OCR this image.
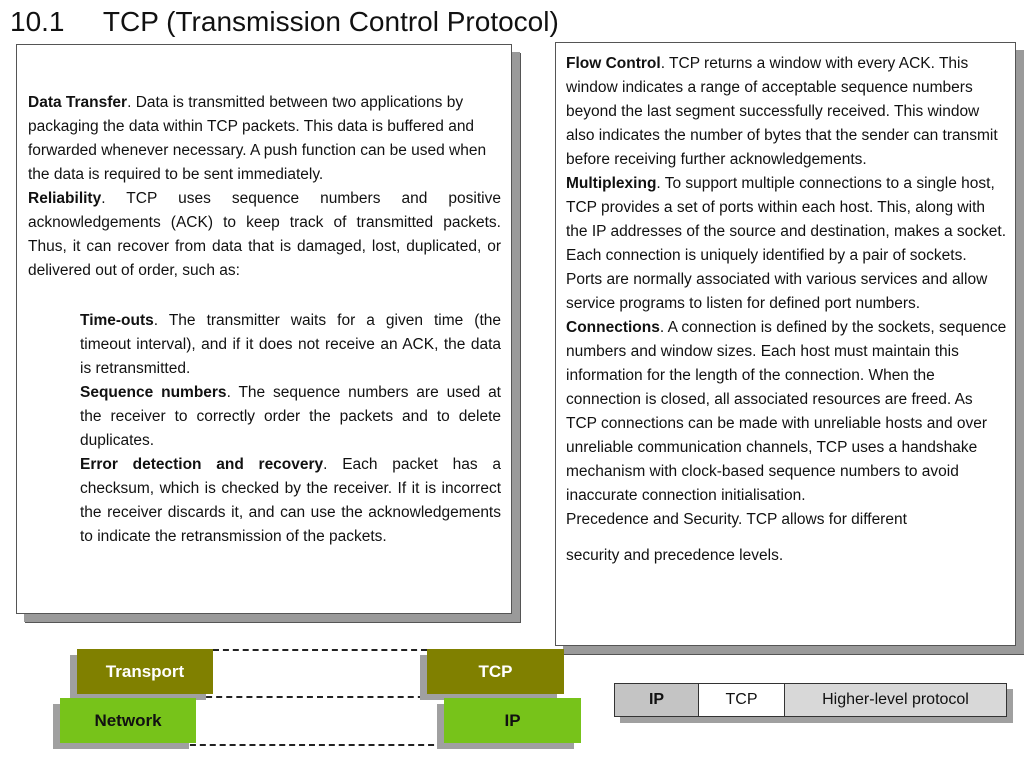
10.1 TCP (Transmission Control Protocol)
Data Transfer. Data is transmitted between two applications by packaging the data within TCP packets. This data is buffered and forwarded whenever necessary. A push function can be used when the data is required to be sent immediately.
Reliability. TCP uses sequence numbers and positive acknowledgements (ACK) to keep track of transmitted packets. Thus, it can recover from data that is damaged, lost, duplicated, or delivered out of order, such as:
Time-outs. The transmitter waits for a given time (the timeout interval), and if it does not receive an ACK, the data is retransmitted.
Sequence numbers. The sequence numbers are used at the receiver to correctly order the packets and to delete duplicates.
Error detection and recovery. Each packet has a checksum, which is checked by the receiver. If it is incorrect the receiver discards it, and can use the acknowledgements to indicate the retransmission of the packets.
Flow Control. TCP returns a window with every ACK. This window indicates a range of acceptable sequence numbers beyond the last segment successfully received. This window also indicates the number of bytes that the sender can transmit before receiving further acknowledgements.
Multiplexing. To support multiple connections to a single host, TCP provides a set of ports within each host. This, along with the IP addresses of the source and destination, makes a socket. Each connection is uniquely identified by a pair of sockets. Ports are normally associated with various services and allow service programs to listen for defined port numbers.
Connections. A connection is defined by the sockets, sequence numbers and window sizes. Each host must maintain this information for the length of the connection. When the connection is closed, all associated resources are freed. As TCP connections can be made with unreliable hosts and over unreliable communication channels, TCP uses a handshake mechanism with clock-based sequence numbers to avoid inaccurate connection initialisation.
Precedence and Security. TCP allows for different
security and precedence levels.
Transport	TCP
Network	IP
IP	TCP	Higher-level protocol
